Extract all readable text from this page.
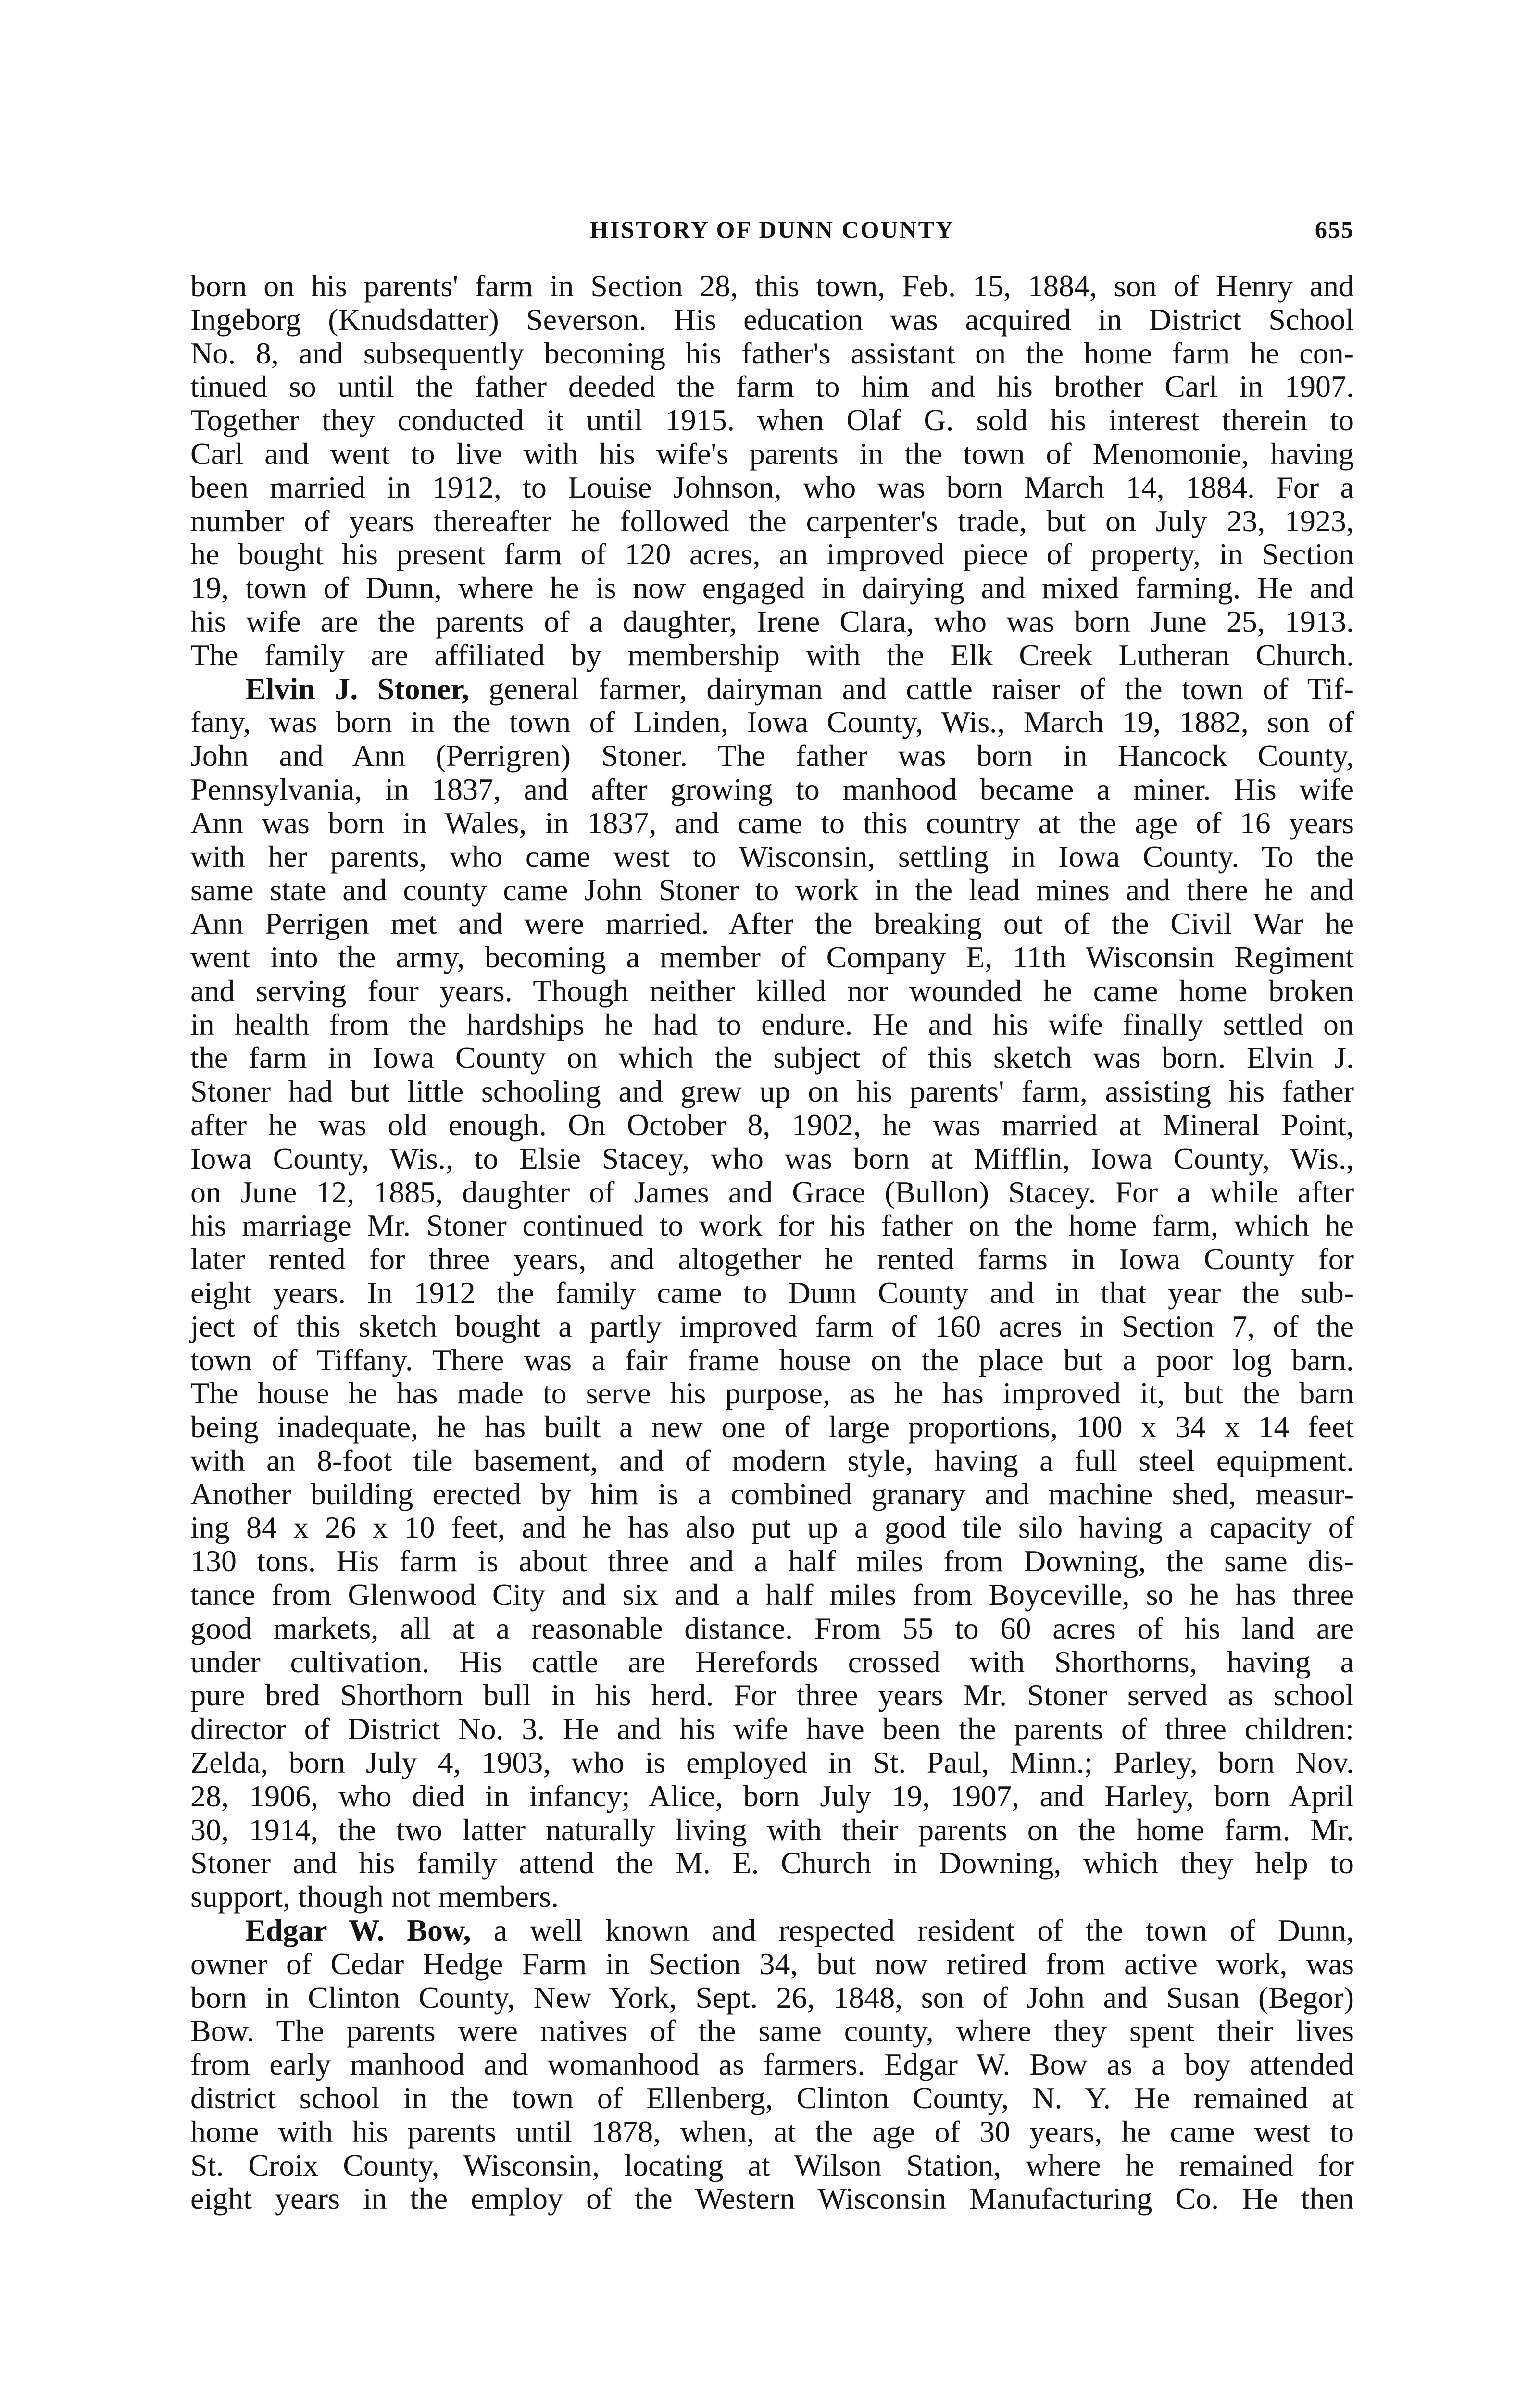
HISTORY OF DUNN COUNTY	655

born on his parents' farm in Section 28, this town, Feb. 15, 1884, son of Henry and
Ingeborg (Knudsdatter) Severson. His education was acquired in District School
No. 8, and subsequently becoming his father's assistant on the home farm he con-
tinued so until the father deeded the farm to him and his brother Carl in 1907.
Together they conducted it until 1915. when Olaf G. sold his interest therein to
Carl and went to live with his wife's parents in the town of Menomonie, having
been married in 1912, to Louise Johnson, who was born March 14, 1884. For a
number of years thereafter he followed the carpenter's trade, but on July 23, 1923,
he bought his present farm of 120 acres, an improved piece of property, in Section
19, town of Dunn, where he is now engaged in dairying and mixed farming. He and
his wife are the parents of a daughter, Irene Clara, who was born June 25, 1913.
The family are affiliated by membership with the Elk Creek Lutheran Church.

Elvin J. Stoner, general farmer, dairyman and cattle raiser of the town of Tif-
fany, was born in the town of Linden, Iowa County, Wis., March 19, 1882, son of
John and Ann (Perrigren) Stoner. The father was born in Hancock County,
Pennsylvania, in 1837, and after growing to manhood became a miner. His wife
Ann was born in Wales, in 1837, and came to this country at the age of 16 years
with her parents, who came west to Wisconsin, settling in Iowa County. To the
same state and county came John Stoner to work in the lead mines and there he and
Ann Perrigen met and were married. After the breaking out of the Civil War he
went into the army, becoming a member of Company E, 11th Wisconsin Regiment
and serving four years. Though neither killed nor wounded he came home broken
in health from the hardships he had to endure. He and his wife finally settled on
the farm in Iowa County on which the subject of this sketch was born. Elvin J.
Stoner had but little schooling and grew up on his parents' farm, assisting his father
after he was old enough. On October 8, 1902, he was married at Mineral Point,
Iowa County, Wis., to Elsie Stacey, who was born at Mifflin, Iowa County, Wis.,
on June 12, 1885, daughter of James and Grace (Bullon) Stacey. For a while after
his marriage Mr. Stoner continued to work for his father on the home farm, which he
later rented for three years, and altogether he rented farms in Iowa County for
eight years. In 1912 the family came to Dunn County and in that year the sub-
ject of this sketch bought a partly improved farm of 160 acres in Section 7, of the
town of Tiffany. There was a fair frame house on the place but a poor log barn.
The house he has made to serve his purpose, as he has improved it, but the barn
being inadequate, he has built a new one of large proportions, 100 x 34 x 14 feet
with an 8-foot tile basement, and of modern style, having a full steel equipment.
Another building erected by him is a combined granary and machine shed, measur-
ing 84 x 26 x 10 feet, and he has also put up a good tile silo having a capacity of
130 tons. His farm is about three and a half miles from Downing, the same dis-
tance from Glenwood City and six and a half miles from Boyceville, so he has three
good markets, all at a reasonable distance. From 55 to 60 acres of his land are
under cultivation. His cattle are Herefords crossed with Shorthorns, having a
pure bred Shorthorn bull in his herd. For three years Mr. Stoner served as school
director of District No. 3. He and his wife have been the parents of three children:
Zelda, born July 4, 1903, who is employed in St. Paul, Minn.; Parley, born Nov.
28, 1906, who died in infancy; Alice, born July 19, 1907, and Harley, born April
30, 1914, the two latter naturally living with their parents on the home farm. Mr.
Stoner and his family attend the M. E. Church in Downing, which they help to
support, though not members.

Edgar W. Bow, a well known and respected resident of the town of Dunn,
owner of Cedar Hedge Farm in Section 34, but now retired from active work, was
born in Clinton County, New York, Sept. 26, 1848, son of John and Susan (Begor)
Bow. The parents were natives of the same county, where they spent their lives
from early manhood and womanhood as farmers. Edgar W. Bow as a boy attended
district school in the town of Ellenberg, Clinton County, N. Y. He remained at
home with his parents until 1878, when, at the age of 30 years, he came west to
St. Croix County, Wisconsin, locating at Wilson Station, where he remained for
eight years in the employ of the Western Wisconsin Manufacturing Co. He then
